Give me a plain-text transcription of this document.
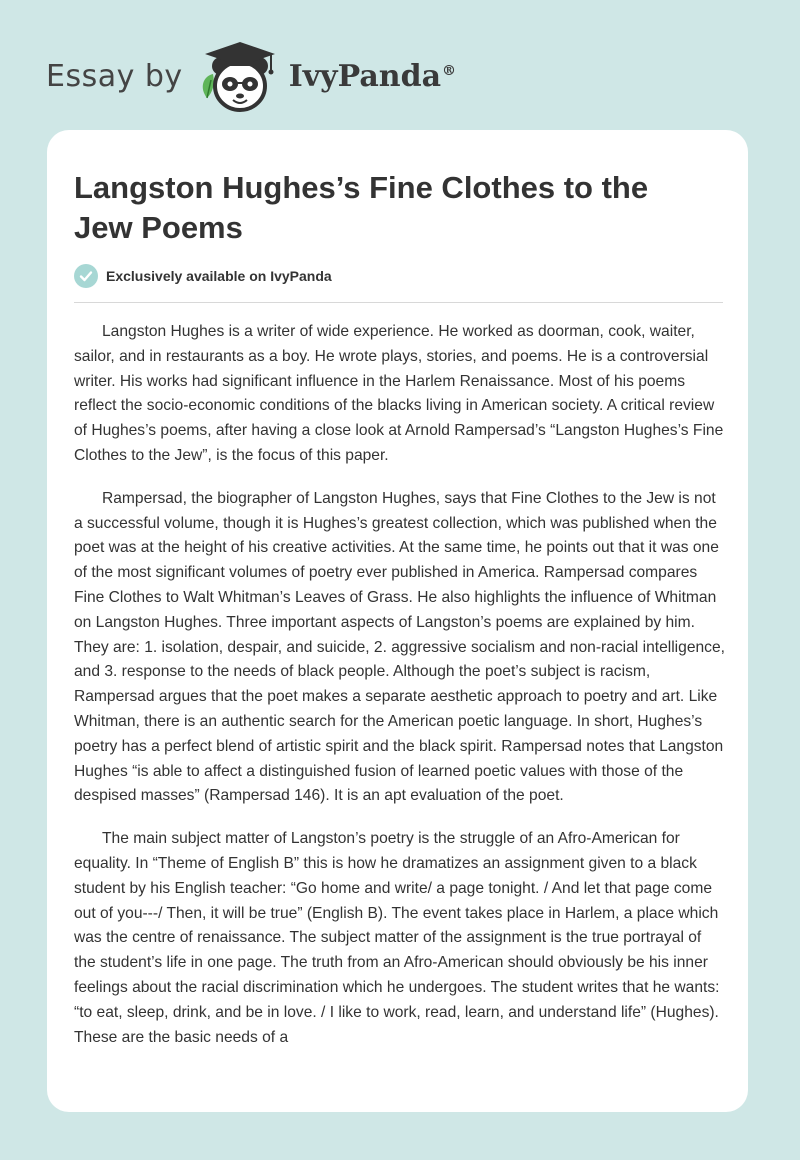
Essay by	IvyPanda®
Langston Hughes’s Fine Clothes to the Jew Poems
Exclusively available on IvyPanda

Langston Hughes is a writer of wide experience. He worked as doorman, cook, waiter, sailor, and in restaurants as a boy. He wrote plays, stories, and poems. He is a controversial writer. His works had significant influence in the Harlem Renaissance. Most of his poems reflect the socio-economic conditions of the blacks living in American society. A critical review of Hughes’s poems, after having a close look at Arnold Rampersad’s “Langston Hughes’s Fine Clothes to the Jew”, is the focus of this paper.

Rampersad, the biographer of Langston Hughes, says that Fine Clothes to the Jew is not a successful volume, though it is Hughes’s greatest collection, which was published when the poet was at the height of his creative activities. At the same time, he points out that it was one of the most significant volumes of poetry ever published in America. Rampersad compares Fine Clothes to Walt Whitman’s Leaves of Grass. He also highlights the influence of Whitman on Langston Hughes. Three important aspects of Langston’s poems are explained by him. They are: 1. isolation, despair, and suicide, 2. aggressive socialism and non-racial intelligence, and 3. response to the needs of black people. Although the poet’s subject is racism, Rampersad argues that the poet makes a separate aesthetic approach to poetry and art. Like Whitman, there is an authentic search for the American poetic language. In short, Hughes’s poetry has a perfect blend of artistic spirit and the black spirit. Rampersad notes that Langston Hughes “is able to affect a distinguished fusion of learned poetic values with those of the despised masses” (Rampersad 146). It is an apt evaluation of the poet.

The main subject matter of Langston’s poetry is the struggle of an Afro-American for equality. In “Theme of English B” this is how he dramatizes an assignment given to a black student by his English teacher: “Go home and write/ a page tonight. / And let that page come out of you---/ Then, it will be true” (English B). The event takes place in Harlem, a place which was the centre of renaissance. The subject matter of the assignment is the true portrayal of the student’s life in one page. The truth from an Afro-American should obviously be his inner feelings about the racial discrimination which he undergoes. The student writes that he wants: “to eat, sleep, drink, and be in love. / I like to work, read, learn, and understand life” (Hughes). These are the basic needs of a
